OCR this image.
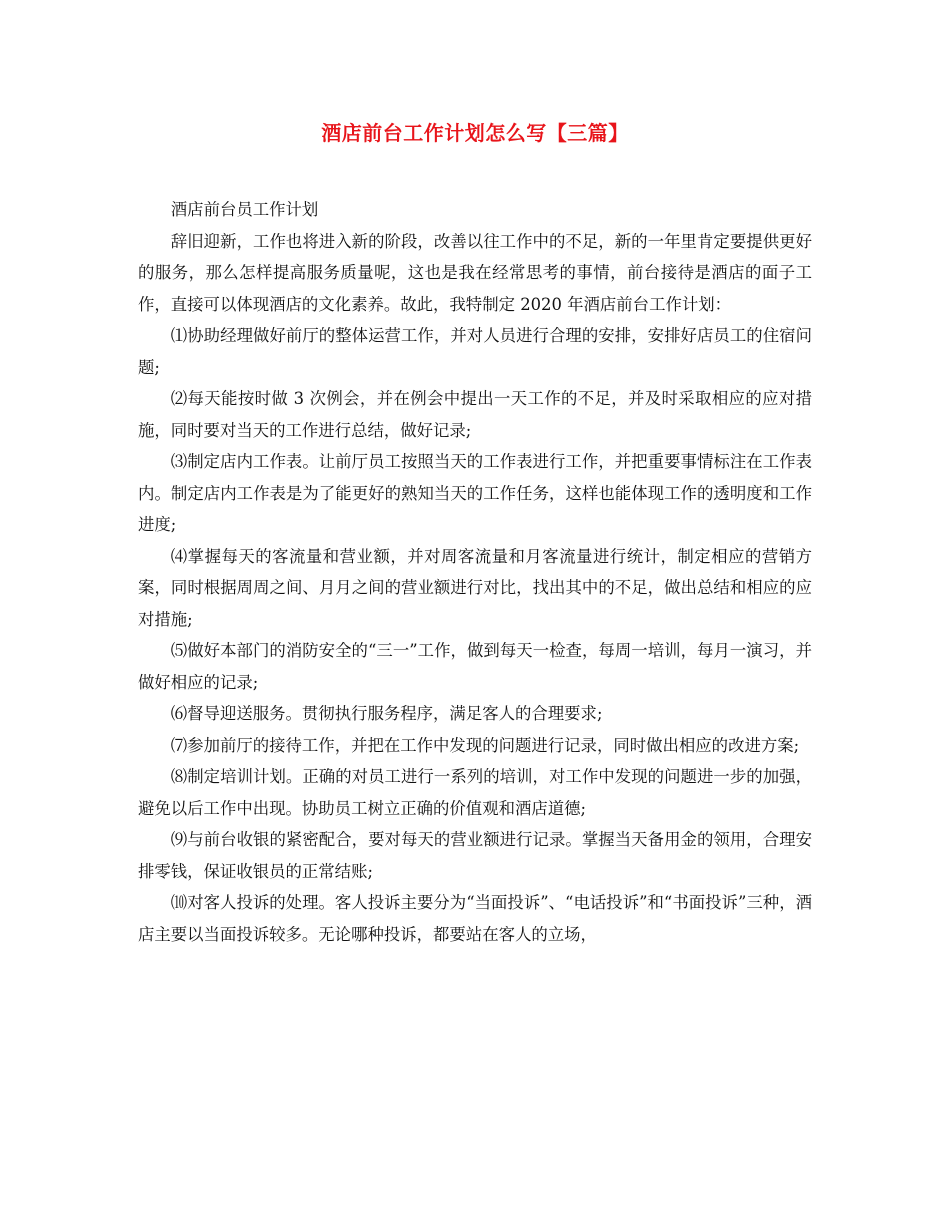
酒店前台工作计划怎么写【三篇】

酒店前台员工作计划

辞旧迎新，工作也将进入新的阶段，改善以往工作中的不足，新的一年里肯定要提供更好的服务，那么怎样提高服务质量呢，这也是我在经常思考的事情，前台接待是酒店的面子工作，直接可以体现酒店的文化素养。故此，我特制定 2020 年酒店前台工作计划：

⑴协助经理做好前厅的整体运营工作，并对人员进行合理的安排，安排好店员工的住宿问题;

⑵每天能按时做 3 次例会，并在例会中提出一天工作的不足，并及时采取相应的应对措施，同时要对当天的工作进行总结，做好记录;

⑶制定店内工作表。让前厅员工按照当天的工作表进行工作，并把重要事情标注在工作表内。制定店内工作表是为了能更好的熟知当天的工作任务，这样也能体现工作的透明度和工作进度;

⑷掌握每天的客流量和营业额，并对周客流量和月客流量进行统计，制定相应的营销方案，同时根据周周之间、月月之间的营业额进行对比，找出其中的不足，做出总结和相应的应对措施;

⑸做好本部门的消防安全的“三一”工作，做到每天一检查，每周一培训，每月一演习，并做好相应的记录;

⑹督导迎送服务。贯彻执行服务程序，满足客人的合理要求;

⑺参加前厅的接待工作，并把在工作中发现的问题进行记录，同时做出相应的改进方案;

⑻制定培训计划。正确的对员工进行一系列的培训，对工作中发现的问题进一步的加强，避免以后工作中出现。协助员工树立正确的价值观和酒店道德;

⑼与前台收银的紧密配合，要对每天的营业额进行记录。掌握当天备用金的领用，合理安排零钱，保证收银员的正常结账;

⑽对客人投诉的处理。客人投诉主要分为“当面投诉”、“电话投诉”和“书面投诉”三种，酒店主要以当面投诉较多。无论哪种投诉，都要站在客人的立场，
